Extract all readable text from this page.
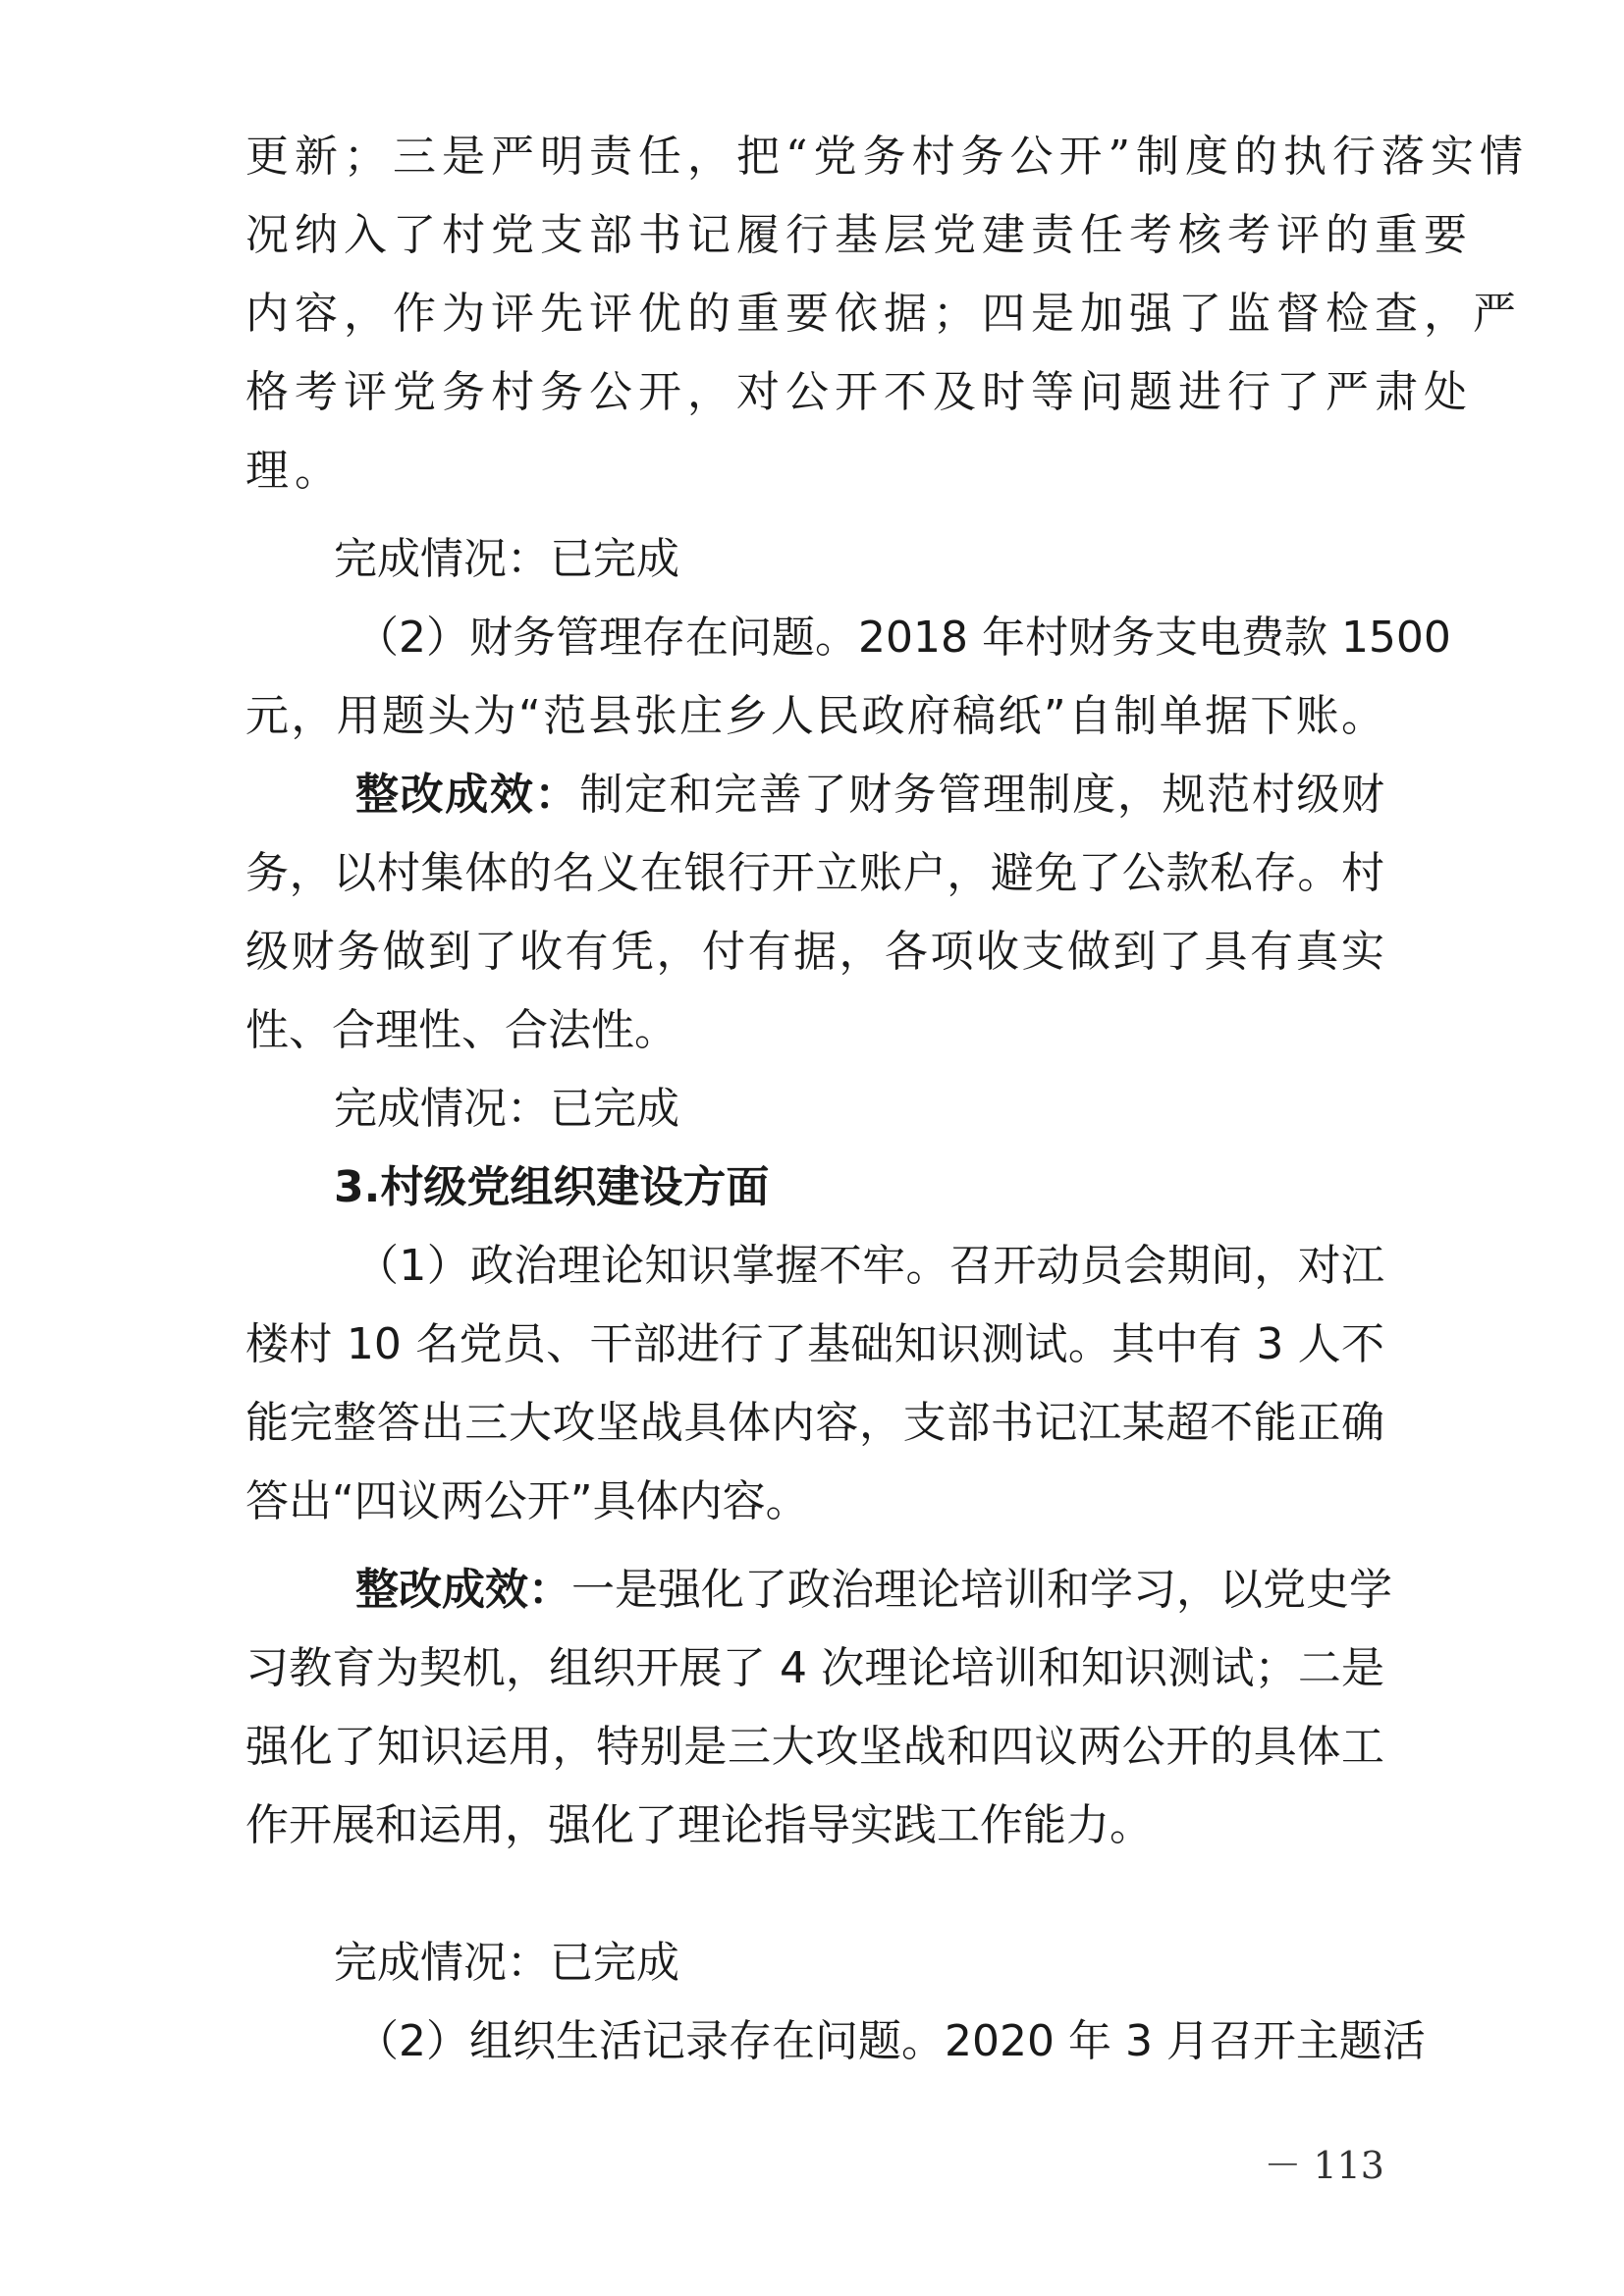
更新；三是严明责任，把“党务村务公开”制度的执行落实情
况纳入了村党支部书记履行基层党建责任考核考评的重要
内容，作为评先评优的重要依据；四是加强了监督检查，严
格考评党务村务公开，对公开不及时等问题进行了严肃处
理。
完成情况：已完成
（2）财务管理存在问题。2018 年村财务支电费款 1500
元，用题头为“范县张庄乡人民政府稿纸”自制单据下账。
整改成效：制定和完善了财务管理制度，规范村级财
务，以村集体的名义在银行开立账户，避免了公款私存。村
级财务做到了收有凭，付有据，各项收支做到了具有真实
性、合理性、合法性。
完成情况：已完成
3.村级党组织建设方面
（1）政治理论知识掌握不牢。召开动员会期间，对江
楼村 10 名党员、干部进行了基础知识测试。其中有 3 人不
能完整答出三大攻坚战具体内容，支部书记江某超不能正确
答出“四议两公开”具体内容。
整改成效：一是强化了政治理论培训和学习，以党史学
习教育为契机，组织开展了 4 次理论培训和知识测试；二是
强化了知识运用，特别是三大攻坚战和四议两公开的具体工
作开展和运用，强化了理论指导实践工作能力。
完成情况：已完成
（2）组织生活记录存在问题。2020 年 3 月召开主题活
－ 113
